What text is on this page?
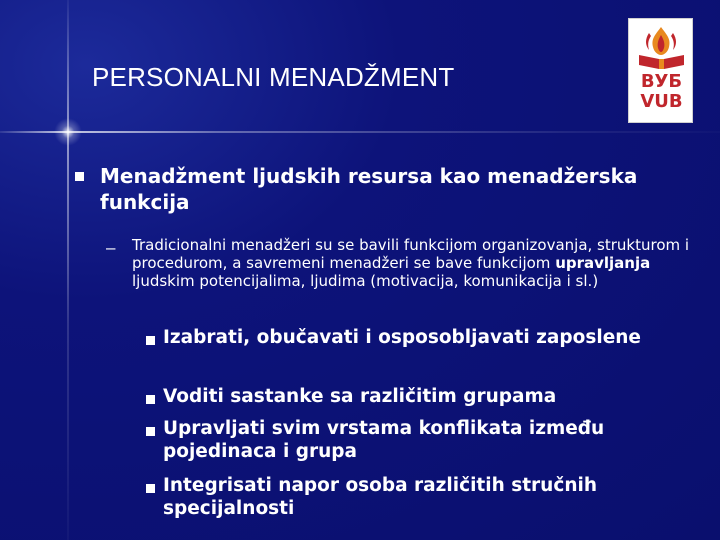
PERSONALNI MENADŽMENT	ВУБ
VUB
Menadžment ljudskih resursa kao menadžerska funkcija
– Tradicionalni menadžeri su se bavili funkcijom organizovanja, strukturom i procedurom, a savremeni menadžeri se bave funkcijom upravljanja ljudskim potencijalima, ljudima (motivacija, komunikacija i sl.)
Izabrati, obučavati i osposobljavati zaposlene
Voditi sastanke sa različitim grupama
Upravljati svim vrstama konflikata između pojedinaca i grupa
Integrisati napor osoba različitih stručnih specijalnosti
